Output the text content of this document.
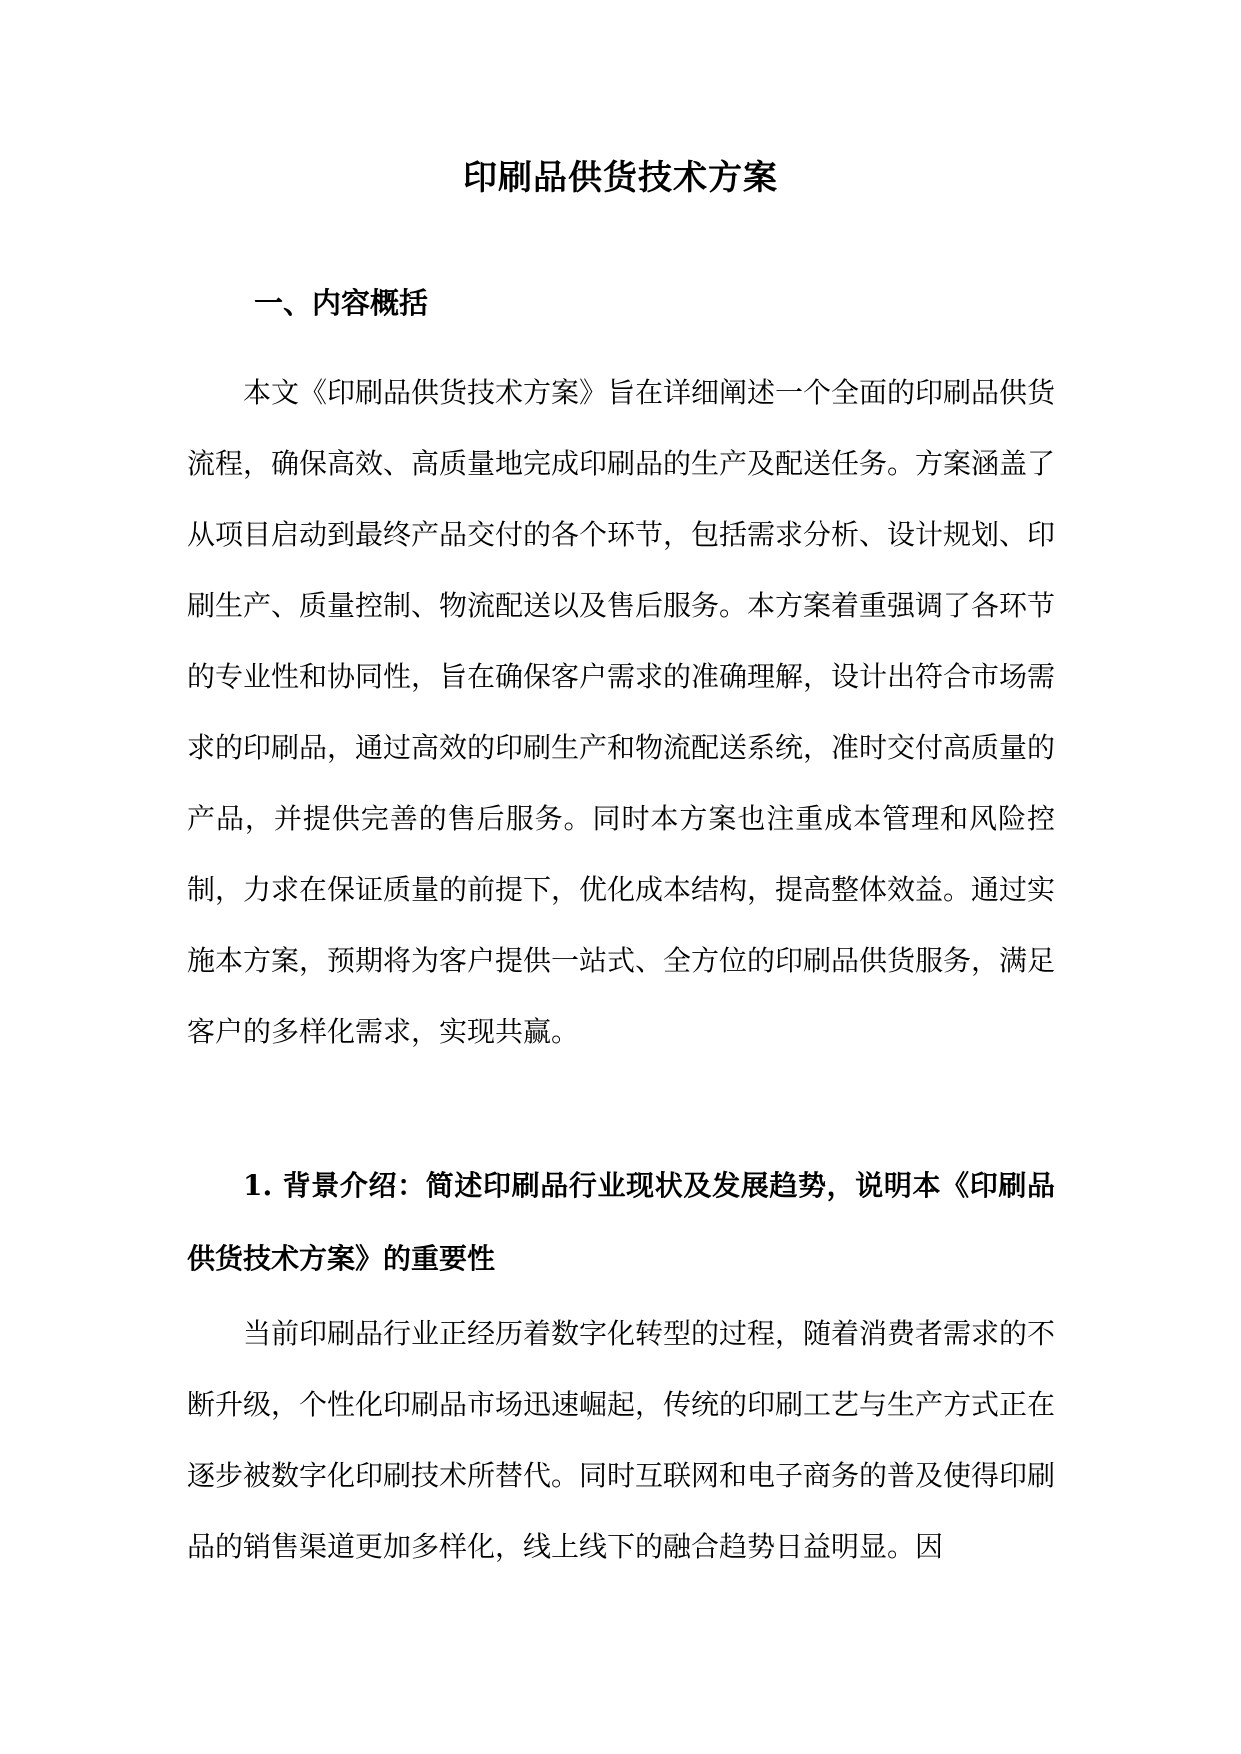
印刷品供货技术方案
一、内容概括
本文《印刷品供货技术方案》旨在详细阐述一个全面的印刷品供货流程，确保高效、高质量地完成印刷品的生产及配送任务。方案涵盖了从项目启动到最终产品交付的各个环节，包括需求分析、设计规划、印刷生产、质量控制、物流配送以及售后服务。本方案着重强调了各环节的专业性和协同性，旨在确保客户需求的准确理解，设计出符合市场需求的印刷品，通过高效的印刷生产和物流配送系统，准时交付高质量的产品，并提供完善的售后服务。同时本方案也注重成本管理和风险控制，力求在保证质量的前提下，优化成本结构，提高整体效益。通过实施本方案，预期将为客户提供一站式、全方位的印刷品供货服务，满足客户的多样化需求，实现共赢。
1. 背景介绍：简述印刷品行业现状及发展趋势，说明本《印刷品供货技术方案》的重要性
当前印刷品行业正经历着数字化转型的过程，随着消费者需求的不断升级，个性化印刷品市场迅速崛起，传统的印刷工艺与生产方式正在逐步被数字化印刷技术所替代。同时互联网和电子商务的普及使得印刷品的销售渠道更加多样化，线上线下的融合趋势日益明显。因
